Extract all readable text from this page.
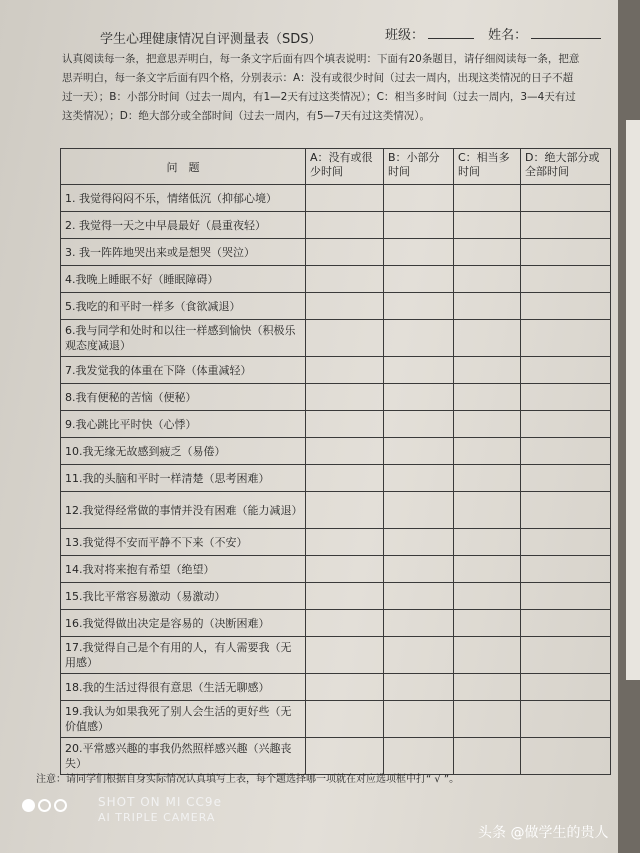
学生心理健康情况自评测量表（SDS）	班级：	姓名：
认真阅读每一条，把意思弄明白，每一条文字后面有四个填表说明：下面有20条题目，请仔细阅读每一条，把意思弄明白，每一条文字后面有四个格，分别表示：A：没有或很少时间（过去一周内，出现这类情况的日子不超过一天）；B：小部分时间（过去一周内，有1—2天有过这类情况）；C：相当多时间（过去一周内，3—4天有过这类情况）；D：绝大部分或全部时间（过去一周内，有5—7天有过这类情况）。
问　题	A：没有或很少时间	B：小部分时间	C：相当多时间	D：绝大部分或全部时间
1. 我觉得闷闷不乐，情绪低沉（抑郁心境）				
2. 我觉得一天之中早晨最好（晨重夜轻）				
3. 我一阵阵地哭出来或是想哭（哭泣）				
4.我晚上睡眠不好（睡眠障碍）				
5.我吃的和平时一样多（食欲减退）				
6.我与同学和处时和以往一样感到愉快（积极乐观态度减退）				
7.我发觉我的体重在下降（体重减轻）				
8.我有便秘的苦恼（便秘）				
9.我心跳比平时快（心悸）				
10.我无缘无故感到疲乏（易倦）				
11.我的头脑和平时一样清楚（思考困难）				
12.我觉得经常做的事情并没有困难（能力减退）				
13.我觉得不安而平静不下来（不安）				
14.我对将来抱有希望（绝望）				
15.我比平常容易激动（易激动）				
16.我觉得做出决定是容易的（决断困难）				
17.我觉得自己是个有用的人，有人需要我（无用感）				
18.我的生活过得很有意思（生活无聊感）				
19.我认为如果我死了别人会生活的更好些（无价值感）				
20.平常感兴趣的事我仍然照样感兴趣（兴趣丧失）				
注意：请同学们根据自身实际情况认真填写上表，每个题选择哪一项就在对应选项框中打“ √ ”。
SHOT ON MI CC9e
AI TRIPLE CAMERA
头条 @做学生的贵人
